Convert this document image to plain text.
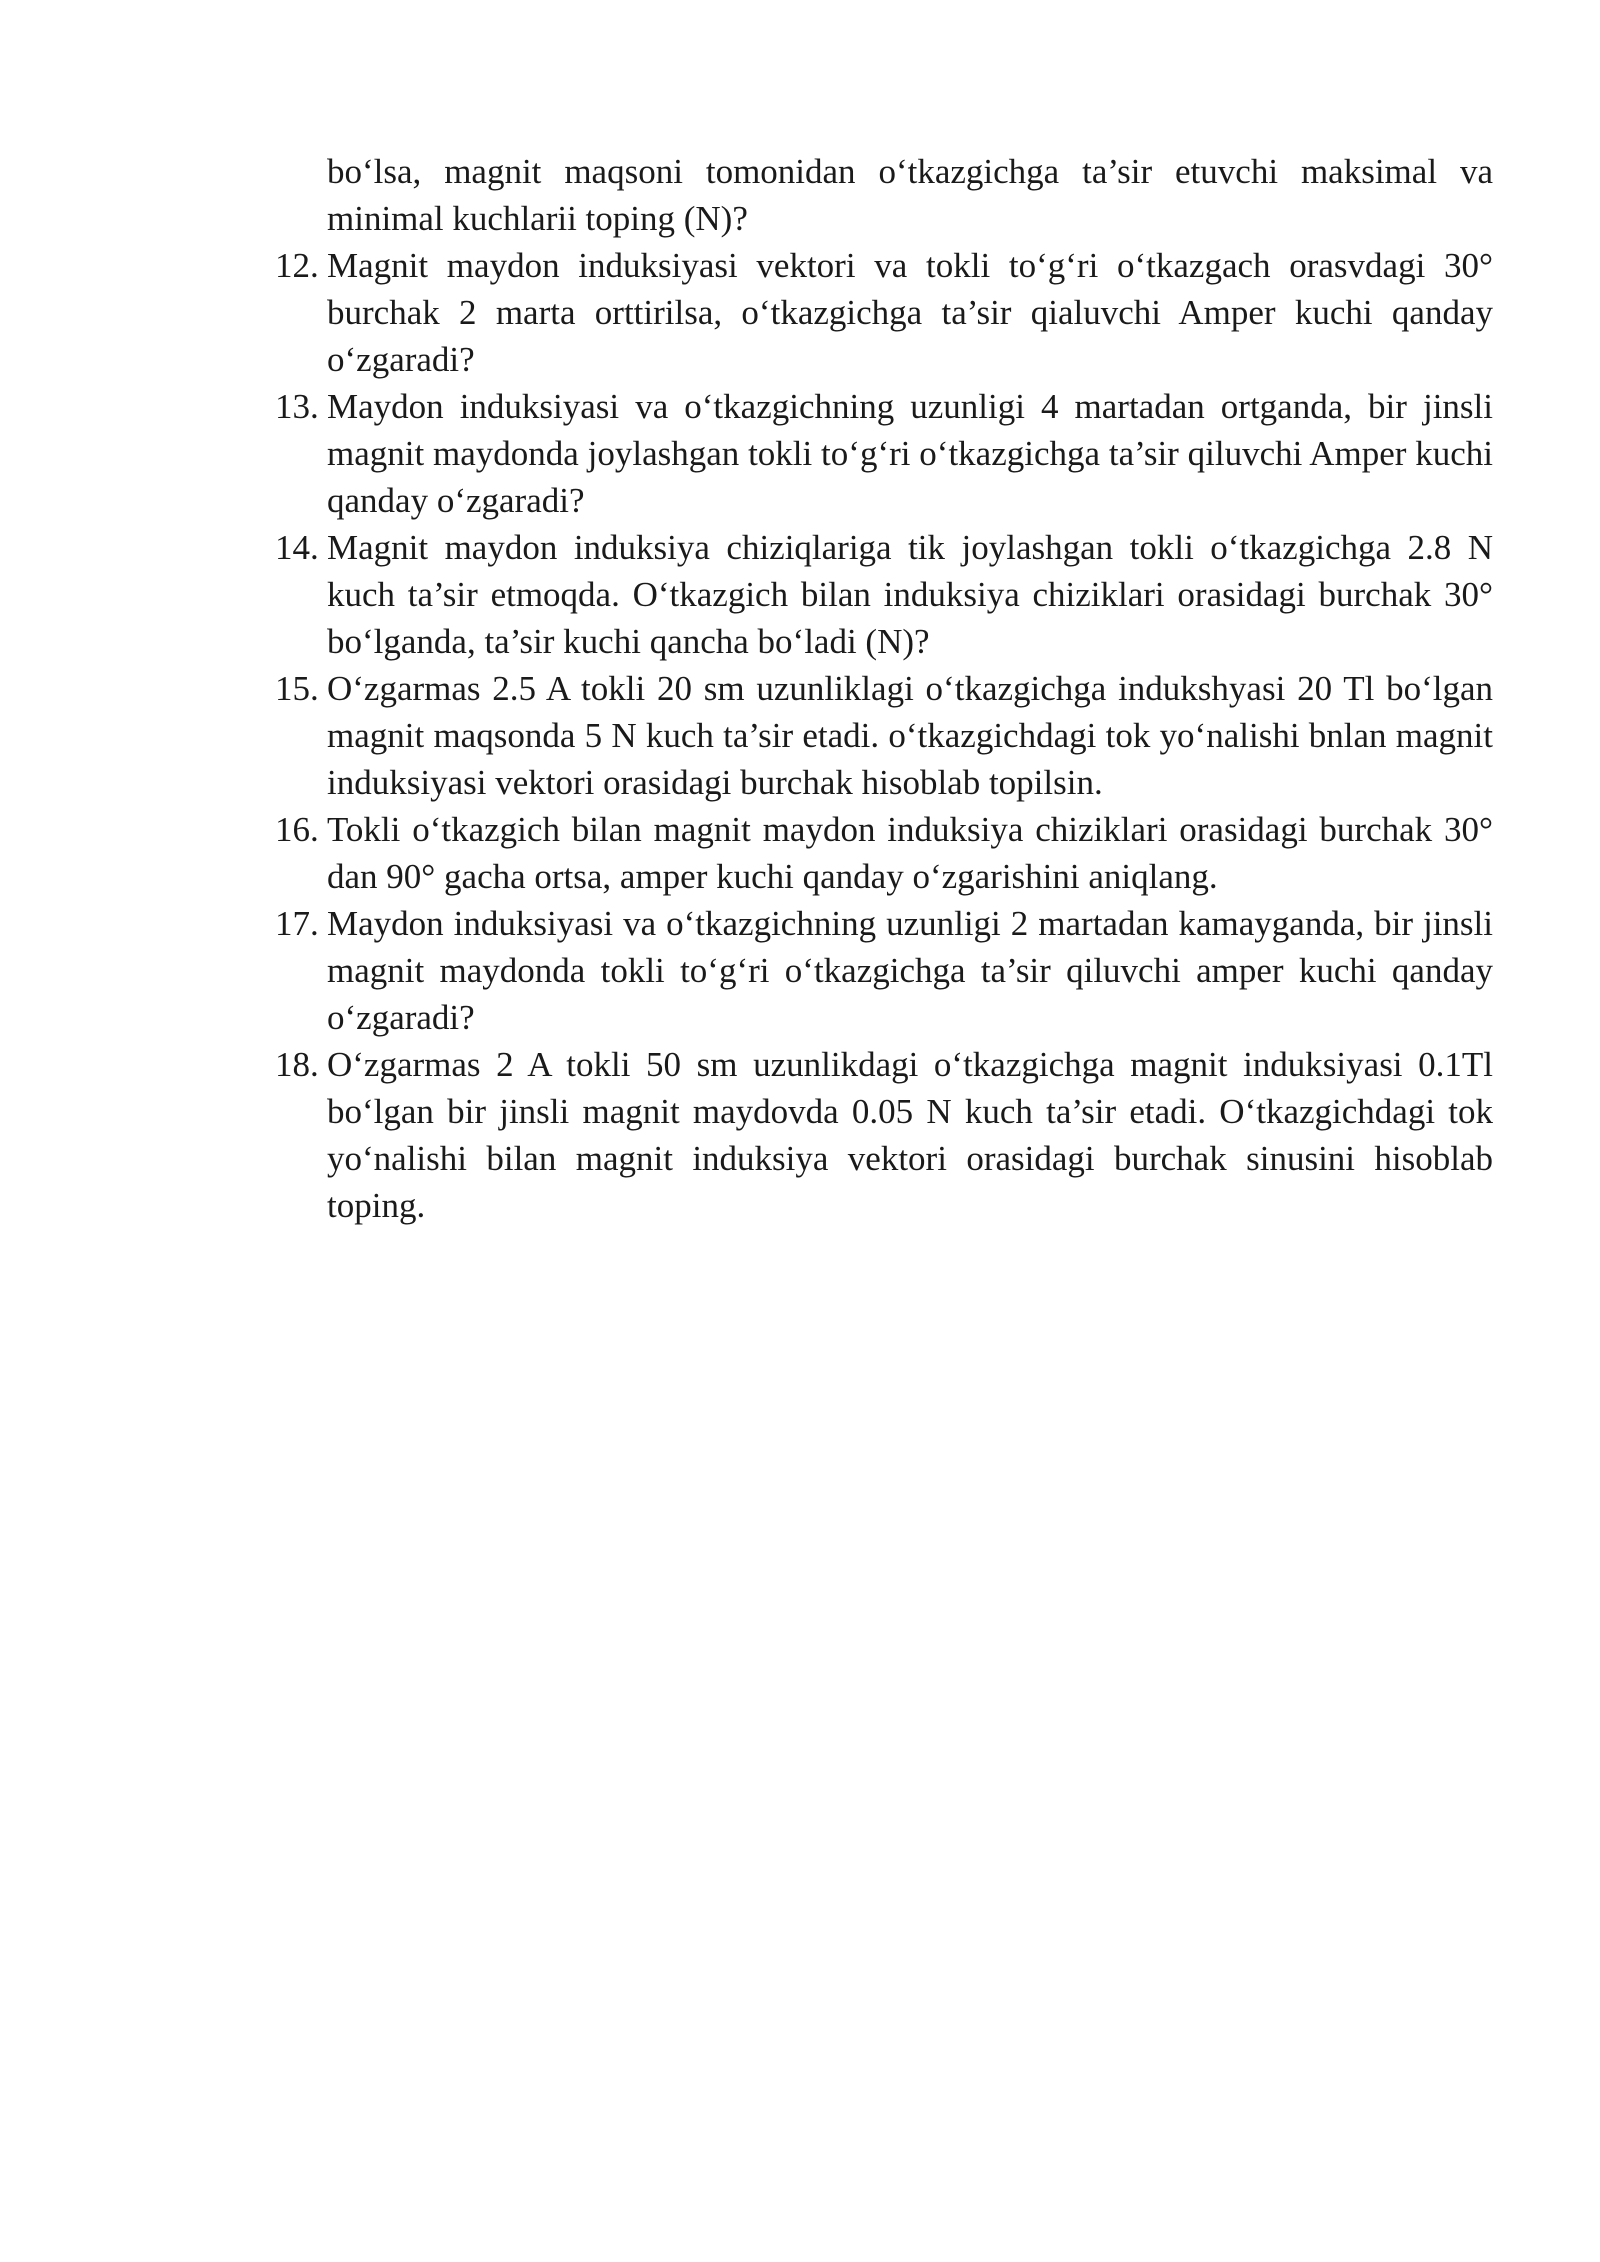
bo‘lsa, magnit maqsoni tomonidan o‘tkazgichga ta’sir etuvchi maksimal va minimal kuchlarii toping (N)?

12. Magnit maydon induksiyasi vektori va tokli to‘g‘ri o‘tkazgach orasvdagi 30° burchak 2 marta orttirilsa, o‘tkazgichga ta’sir qialuvchi Amper kuchi qanday o‘zgaradi?

13. Maydon induksiyasi va o‘tkazgichning uzunligi 4 martadan ortganda, bir jinsli magnit maydonda joylashgan tokli to‘g‘ri o‘tkazgichga ta’sir qiluvchi Amper kuchi qanday o‘zgaradi?

14. Magnit maydon induksiya chiziqlariga tik joylashgan tokli o‘tkazgichga 2.8 N kuch ta’sir etmoqda. O‘tkazgich bilan induksiya chiziklari orasidagi burchak 30° bo‘lganda, ta’sir kuchi qancha bo‘ladi (N)?

15. O‘zgarmas 2.5 A tokli 20 sm uzunliklagi o‘tkazgichga indukshyasi 20 Tl bo‘lgan magnit maqsonda 5 N kuch ta’sir etadi. o‘tkazgichdagi tok yo‘nalishi bnlan magnit induksiyasi vektori orasidagi burchak hisoblab topilsin.

16. Tokli o‘tkazgich bilan magnit maydon induksiya chiziklari orasidagi burchak 30° dan 90° gacha ortsa, amper kuchi qanday o‘zgarishini aniqlang.

17. Maydon induksiyasi va o‘tkazgichning uzunligi 2 martadan kamayganda, bir jinsli magnit maydonda tokli to‘g‘ri o‘tkazgichga ta’sir qiluvchi amper kuchi qanday o‘zgaradi?

18. O‘zgarmas 2 A tokli 50 sm uzunlikdagi o‘tkazgichga magnit induksiyasi 0.1Tl bo‘lgan bir jinsli magnit maydovda 0.05 N kuch ta’sir etadi. O‘tkazgichdagi tok yo‘nalishi bilan magnit induksiya vektori orasidagi burchak sinusini hisoblab toping.
